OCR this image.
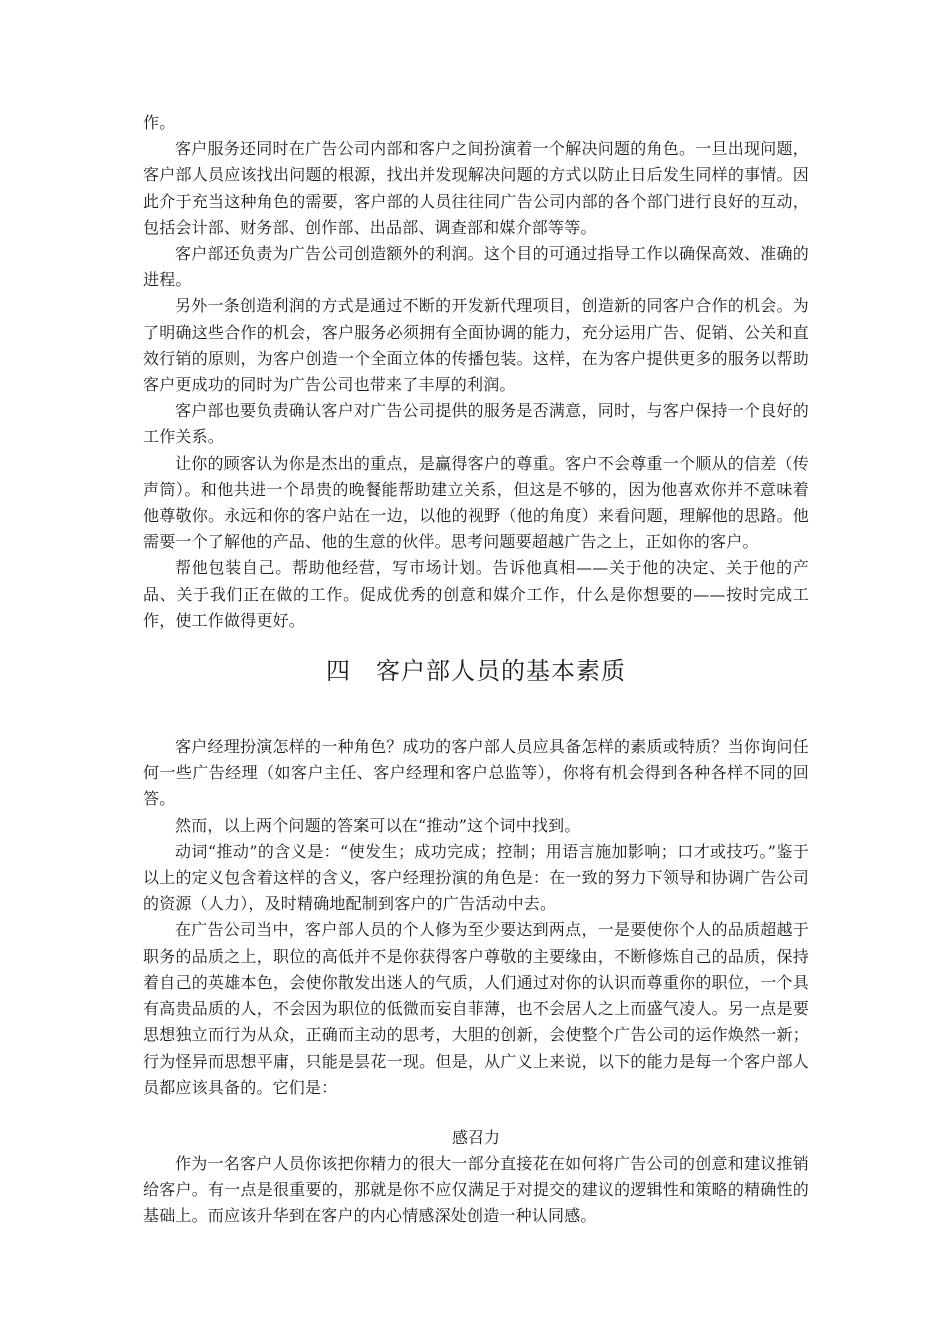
作。

客户服务还同时在广告公司内部和客户之间扮演着一个解决问题的角色。一旦出现问题，客户部人员应该找出问题的根源，找出并发现解决问题的方式以防止日后发生同样的事情。因此介于充当这种角色的需要，客户部的人员往往同广告公司内部的各个部门进行良好的互动，包括会计部、财务部、创作部、出品部、调查部和媒介部等等。

客户部还负责为广告公司创造额外的利润。这个目的可通过指导工作以确保高效、准确的进程。

另外一条创造利润的方式是通过不断的开发新代理项目，创造新的同客户合作的机会。为了明确这些合作的机会，客户服务必须拥有全面协调的能力，充分运用广告、促销、公关和直效行销的原则，为客户创造一个全面立体的传播包装。这样，在为客户提供更多的服务以帮助客户更成功的同时为广告公司也带来了丰厚的利润。

客户部也要负责确认客户对广告公司提供的服务是否满意，同时，与客户保持一个良好的工作关系。

让你的顾客认为你是杰出的重点，是赢得客户的尊重。客户不会尊重一个顺从的信差（传声筒）。和他共进一个昂贵的晚餐能帮助建立关系，但这是不够的，因为他喜欢你并不意味着他尊敬你。永远和你的客户站在一边，以他的视野（他的角度）来看问题，理解他的思路。他需要一个了解他的产品、他的生意的伙伴。思考问题要超越广告之上，正如你的客户。

帮他包装自己。帮助他经营，写市场计划。告诉他真相——关于他的决定、关于他的产品、关于我们正在做的工作。促成优秀的创意和媒介工作，什么是你想要的——按时完成工作，使工作做得更好。

四　客户部人员的基本素质

客户经理扮演怎样的一种角色？成功的客户部人员应具备怎样的素质或特质？当你询问任何一些广告经理（如客户主任、客户经理和客户总监等），你将有机会得到各种各样不同的回答。

然而，以上两个问题的答案可以在“推动”这个词中找到。

动词“推动”的含义是：“使发生；成功完成；控制；用语言施加影响；口才或技巧。”鉴于以上的定义包含着这样的含义，客户经理扮演的角色是：在一致的努力下领导和协调广告公司的资源（人力），及时精确地配制到客户的广告活动中去。

在广告公司当中，客户部人员的个人修为至少要达到两点，一是要使你个人的品质超越于职务的品质之上，职位的高低并不是你获得客户尊敬的主要缘由，不断修炼自己的品质，保持着自己的英雄本色，会使你散发出迷人的气质，人们通过对你的认识而尊重你的职位，一个具有高贵品质的人，不会因为职位的低微而妄自菲薄，也不会居人之上而盛气凌人。另一点是要思想独立而行为从众，正确而主动的思考，大胆的创新，会使整个广告公司的运作焕然一新；行为怪异而思想平庸，只能是昙花一现。但是，从广义上来说，以下的能力是每一个客户部人员都应该具备的。它们是：

感召力

作为一名客户人员你该把你精力的很大一部分直接花在如何将广告公司的创意和建议推销给客户。有一点是很重要的，那就是你不应仅满足于对提交的建议的逻辑性和策略的精确性的基础上。而应该升华到在客户的内心情感深处创造一种认同感。
